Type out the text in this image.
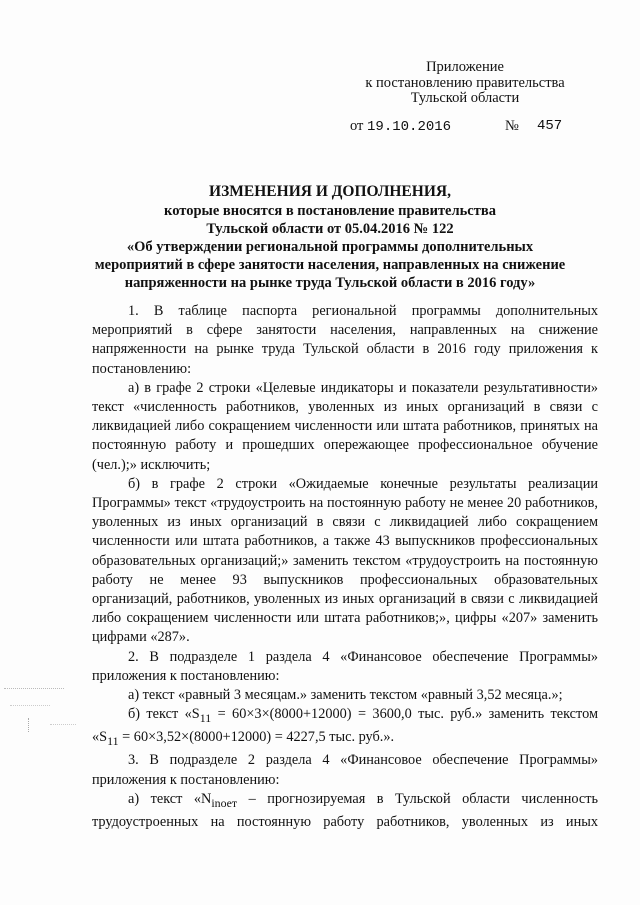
Приложение
к постановлению правительства
Тульской области
от 19.10.2016	№ 457
ИЗМЕНЕНИЯ И ДОПОЛНЕНИЯ,
которые вносятся в постановление правительства
Тульской области от 05.04.2016 № 122
«Об утверждении региональной программы дополнительных
мероприятий в сфере занятости населения, направленных на снижение
напряженности на рынке труда Тульской области в 2016 году»

1. В таблице паспорта региональной программы дополнительных мероприятий в сфере занятости населения, направленных на снижение напряженности на рынке труда Тульской области в 2016 году приложения к постановлению:

а) в графе 2 строки «Целевые индикаторы и показатели результативности» текст «численность работников, уволенных из иных организаций в связи с ликвидацией либо сокращением численности или штата работников, принятых на постоянную работу и прошедших опережающее профессиональное обучение (чел.);» исключить;

б) в графе 2 строки «Ожидаемые конечные результаты реализации Программы» текст «трудоустроить на постоянную работу не менее 20 работников, уволенных из иных организаций в связи с ликвидацией либо сокращением численности или штата работников, а также 43 выпускников профессиональных образовательных организаций;» заменить текстом «трудоустроить на постоянную работу не менее 93 выпускников профессиональных образовательных организаций, работников, уволенных из иных организаций в связи с ликвидацией либо сокращением численности или штата работников;», цифры «207» заменить цифрами «287».

2. В подразделе 1 раздела 4 «Финансовое обеспечение Программы» приложения к постановлению:

а) текст «равный 3 месяцам.» заменить текстом «равный 3,52 месяца.»;

б) текст «$S_{11} = 60\times 3\times(8000+12000) = 3600,0$ тыс. руб.» заменить текстом «$S_{11} = 60\times 3,52\times(8000+12000) = 4227,5$ тыс. руб.».

3. В подразделе 2 раздела 4 «Финансовое обеспечение Программы» приложения к постановлению:

а) текст «$N_{inoет}$ – прогнозируемая в Тульской области численность трудоустроенных на постоянную работу работников, уволенных из иных
